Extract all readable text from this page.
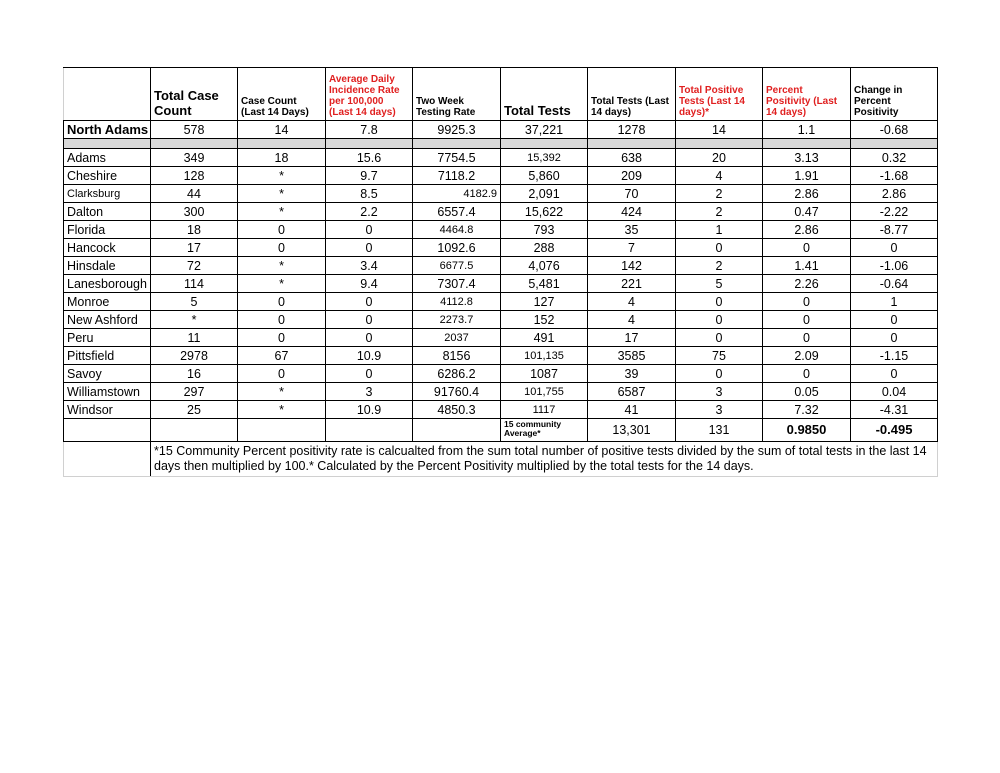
	Total Case Count	Case Count (Last 14 Days)	Average Daily Incidence Rate per 100,000 (Last 14 days)	Two Week Testing Rate	Total Tests	Total Tests (Last 14 days)	Total Positive Tests (Last 14 days)*	Percent Positivity (Last 14 days)	Change in Percent Positivity
North Adams	578	14	7.8	9925.3	37,221	1278	14	1.1	-0.68

Adams	349	18	15.6	7754.5	15,392	638	20	3.13	0.32
Cheshire	128	*	9.7	7118.2	5,860	209	4	1.91	-1.68
Clarksburg	44	*	8.5	4182.9	2,091	70	2	2.86	2.86
Dalton	300	*	2.2	6557.4	15,622	424	2	0.47	-2.22
Florida	18	0	0	4464.8	793	35	1	2.86	-8.77
Hancock	17	0	0	1092.6	288	7	0	0	0
Hinsdale	72	*	3.4	6677.5	4,076	142	2	1.41	-1.06
Lanesborough	114	*	9.4	7307.4	5,481	221	5	2.26	-0.64
Monroe	5	0	0	4112.8	127	4	0	0	1
New Ashford	*	0	0	2273.7	152	4	0	0	0
Peru	11	0	0	2037	491	17	0	0	0
Pittsfield	2978	67	10.9	8156	101,135	3585	75	2.09	-1.15
Savoy	16	0	0	6286.2	1087	39	0	0	0
Williamstown	297	*	3	91760.4	101,755	6587	3	0.05	0.04
Windsor	25	*	10.9	4850.3	1117	41	3	7.32	-4.31
					15 community Average*	13,301	131	0.9850	-0.495
	*15 Community Percent positivity rate is calcualted from the sum total number of positive tests divided by the sum of total tests in the last 14 days then multiplied by 100.* Calculated by the Percent Positivity multiplied by the total tests for the 14 days.								
